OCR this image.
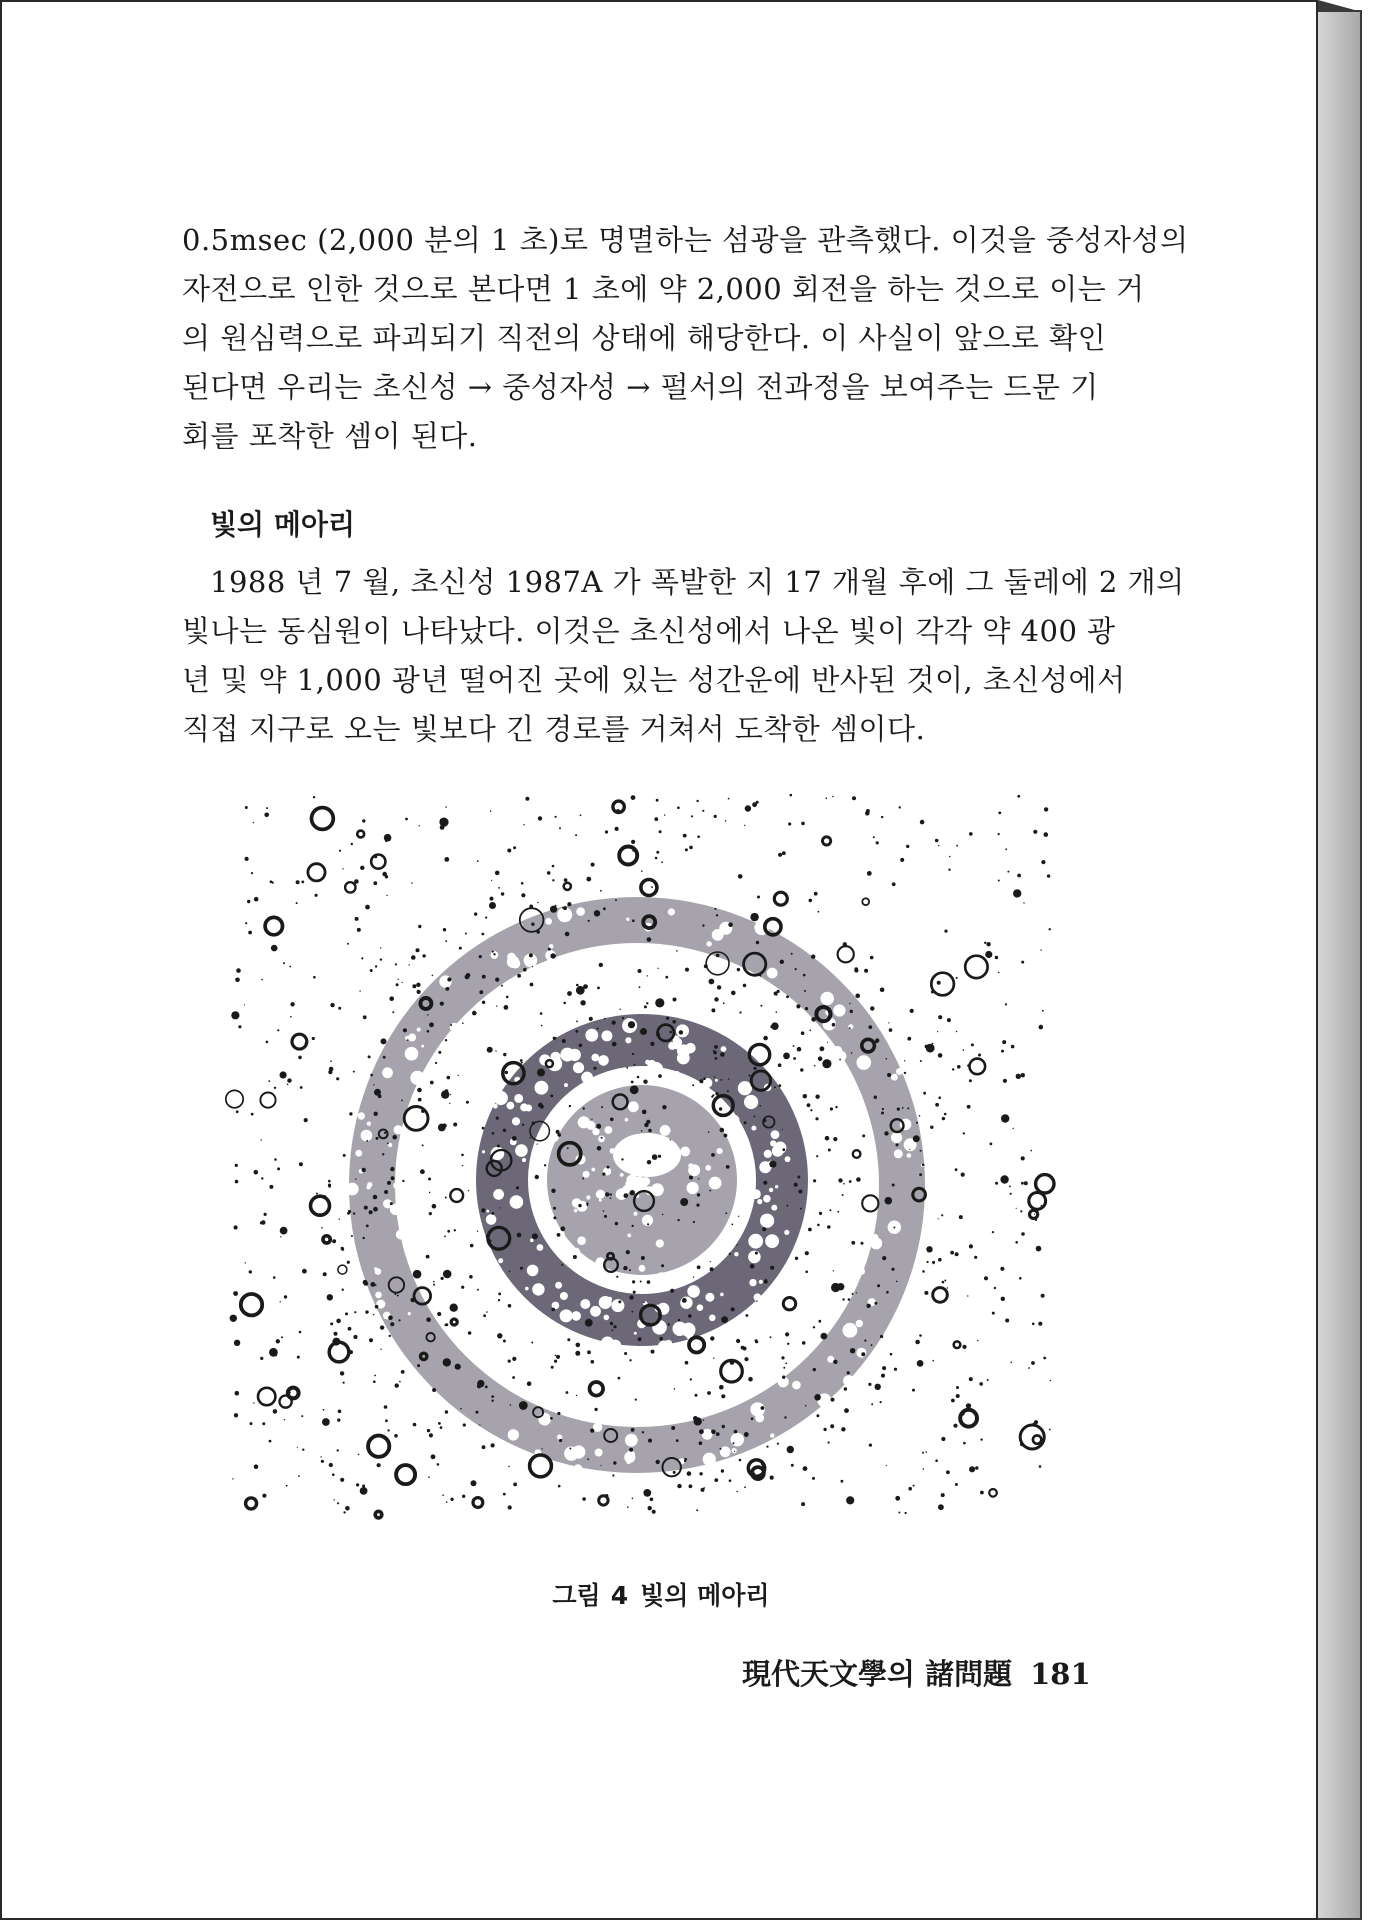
0.5msec (2,000 분의 1 초)로 명멸하는 섬광을 관측했다. 이것을 중성자성의
자전으로 인한 것으로 본다면 1 초에 약 2,000 회전을 하는 것으로 이는 거
의 원심력으로 파괴되기 직전의 상태에 해당한다. 이 사실이 앞으로 확인
된다면 우리는 초신성 → 중성자성 → 펄서의 전과정을 보여주는 드문 기
회를 포착한 셈이 된다.

빛의 메아리

1988 년 7 월, 초신성 1987A 가 폭발한 지 17 개월 후에 그 둘레에 2 개의
빛나는 동심원이 나타났다. 이것은 초신성에서 나온 빛이 각각 약 400 광
년 및 약 1,000 광년 떨어진 곳에 있는 성간운에 반사된 것이, 초신성에서
직접 지구로 오는 빛보다 긴 경로를 거쳐서 도착한 셈이다.

그림 4 빛의 메아리

現代天文學의 諸問題 181
